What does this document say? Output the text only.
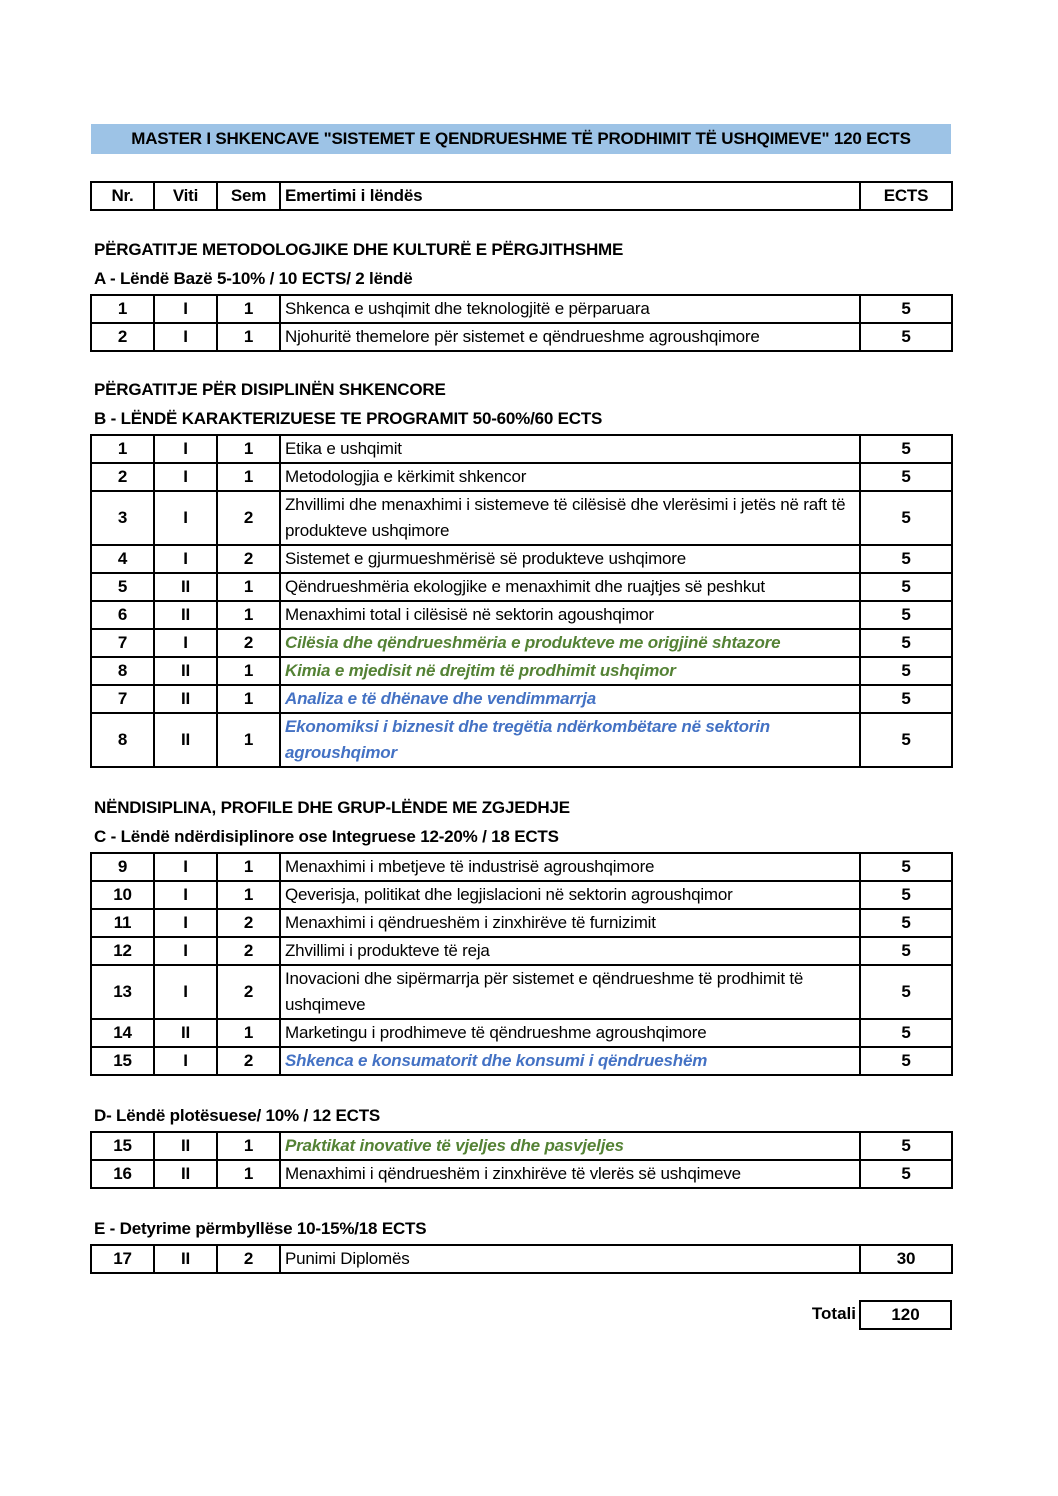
MASTER I SHKENCAVE "SISTEMET E QENDRUESHME TË PRODHIMIT TË USHQIMEVE" 120 ECTS
Nr.	Viti	Sem	Emertimi i lëndës	ECTS
PËRGATITJE METODOLOGJIKE DHE KULTURË E PËRGJITHSHME
A - Lëndë Bazë 5-10% / 10 ECTS/ 2 lëndë
1	I	1	Shkenca e ushqimit dhe teknologjitë e përparuara	5
2	I	1	Njohuritë themelore për sistemet e qëndrueshme agroushqimore	5
PËRGATITJE PËR DISIPLINËN SHKENCORE
B - LËNDË KARAKTERIZUESE TE PROGRAMIT 50-60%/60 ECTS
1	I	1	Etika e ushqimit	5
2	I	1	Metodologjia e kërkimit shkencor	5
3	I	2	Zhvillimi dhe menaxhimi i sistemeve të cilësisë dhe vlerësimi i jetës në raft të produkteve ushqimore	5
4	I	2	Sistemet e gjurmueshmërisë së produkteve ushqimore	5
5	II	1	Qëndrueshmëria ekologjike e menaxhimit dhe ruajtjes së peshkut	5
6	II	1	Menaxhimi total i cilësisë në sektorin agoushqimor	5
7	I	2	Cilësia dhe qëndrueshmëria e produkteve me origjinë shtazore	5
8	II	1	Kimia e mjedisit në drejtim të prodhimit ushqimor	5
7	II	1	Analiza e të dhënave dhe vendimmarrja	5
8	II	1	Ekonomiksi i biznesit dhe tregëtia ndërkombëtare në sektorin agroushqimor	5
NËNDISIPLINA, PROFILE DHE GRUP-LËNDE ME ZGJEDHJE
C - Lëndë ndërdisiplinore ose Integruese 12-20% / 18 ECTS
9	I	1	Menaxhimi i mbetjeve të industrisë agroushqimore	5
10	I	1	Qeverisja, politikat dhe legjislacioni në sektorin agroushqimor	5
11	I	2	Menaxhimi i qëndrueshëm i zinxhirëve të furnizimit	5
12	I	2	Zhvillimi i produkteve të reja	5
13	I	2	Inovacioni dhe sipërmarrja për sistemet e qëndrueshme të prodhimit të ushqimeve	5
14	II	1	Marketingu i prodhimeve të qëndrueshme agroushqimore	5
15	I	2	Shkenca e konsumatorit dhe konsumi i qëndrueshëm	5
D- Lëndë plotësuese/ 10% / 12 ECTS
15	II	1	Praktikat inovative të vjeljes dhe pasvjeljes	5
16	II	1	Menaxhimi i qëndrueshëm i zinxhirëve të vlerës së ushqimeve	5
E - Detyrime përmbyllëse 10-15%/18 ECTS
17	II	2	Punimi Diplomës	30
Totali	120
